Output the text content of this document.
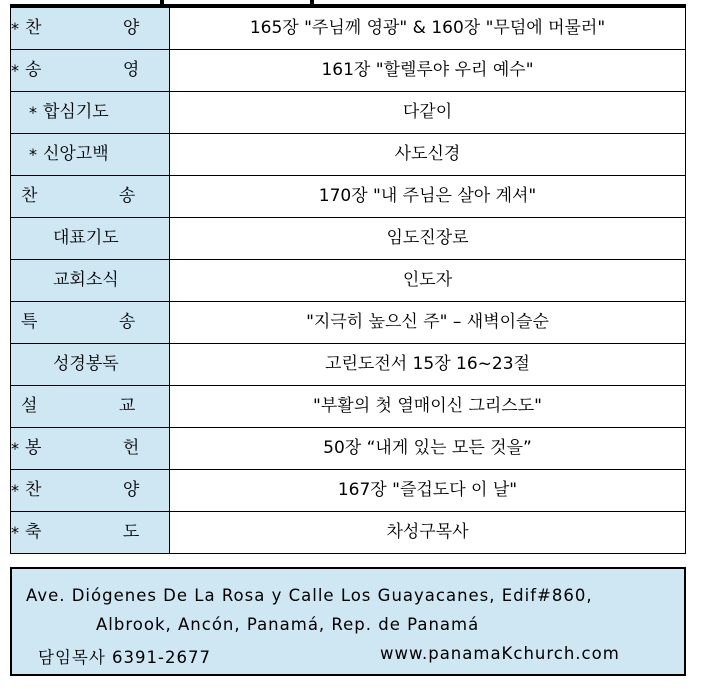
* 찬 양	165장 "주님께 영광" & 160장 "무덤에 머물러"

* 송 영	161장 "할렐루야 우리 예수"

* 합심기도	다같이

* 신앙고백	사도신경

찬 송	170장 "내 주님은 살아 계셔"

대표기도	임도진장로

교회소식	인도자

특 송	"지극히 높으신 주" – 새벽이슬순

성경봉독	고린도전서 15장 16~23절

설 교	"부활의 첫 열매이신 그리스도"

* 봉 헌	50장 “내게 있는 모든 것을”

* 찬 양	167장 "즐겁도다 이 날"

* 축 도	차성구목사
Ave. Diógenes De La Rosa y Calle Los Guayacanes, Edif#860,
Albrook, Ancón, Panamá, Rep. de Panamá
담임목사 6391-2677	www.panamaKchurch.com
